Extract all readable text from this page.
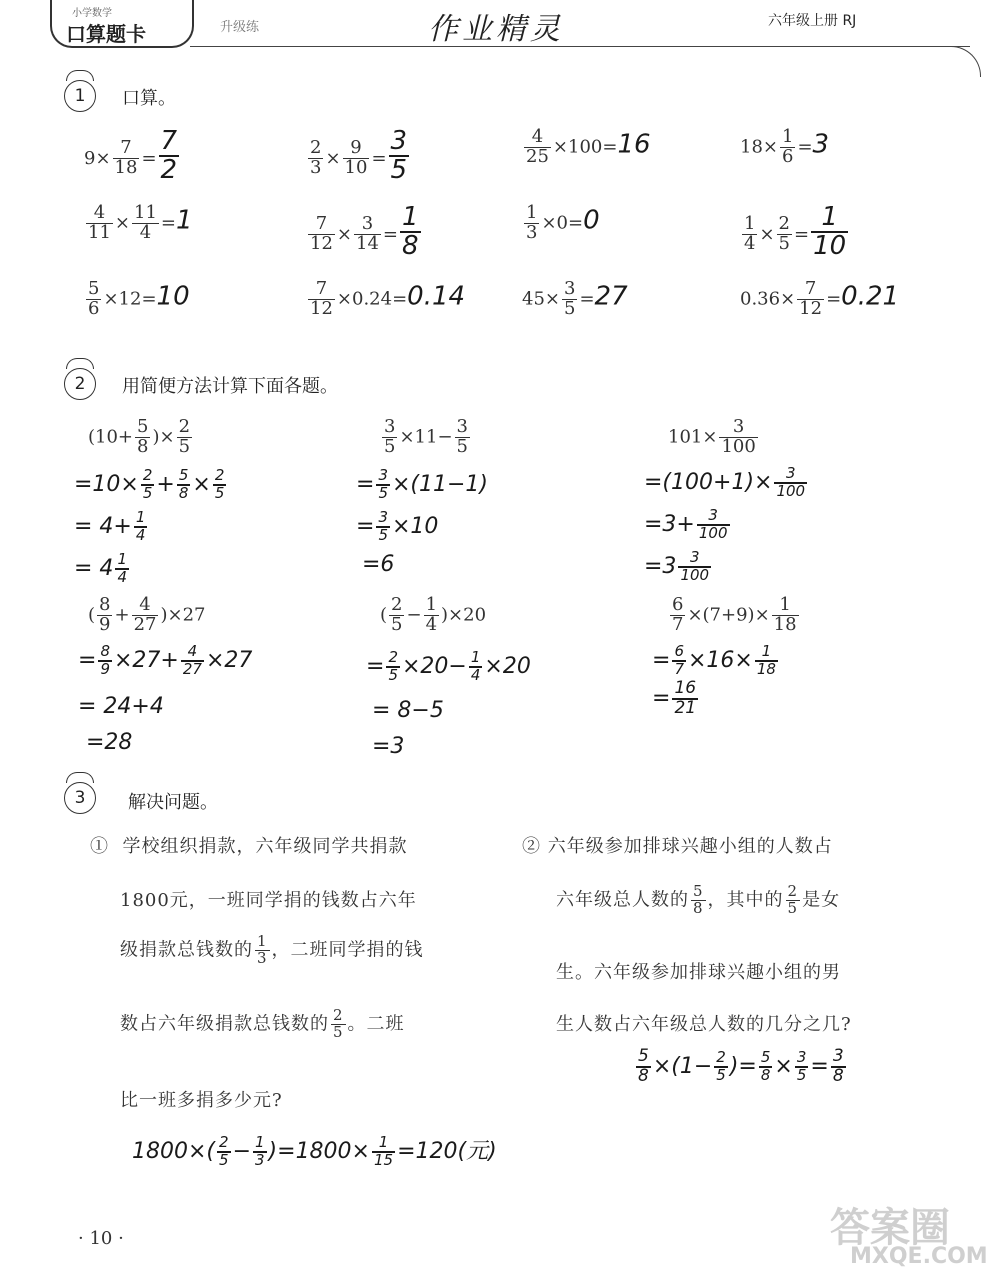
小学数学
口算题卡	升级练	作业精灵	六年级上册 RJ
1	口算。
$9\times \frac{7}{18} = \frac{7}{2}$	$\frac{2}{3} \times \frac{9}{10} = \frac{3}{5}$	$\frac{4}{25} \times 100=16$	$18\times \frac{1}{6} =3$
$\frac{4}{11} \times \frac{11}{4} =1$	$\frac{7}{12} \times \frac{3}{14} = \frac{1}{8}$	$\frac{1}{3} \times 0=0$	$\frac{1}{4} \times \frac{2}{5} = \frac{1}{10}$
$\frac{5}{6} \times 12=10$	$\frac{7}{12} \times 0.24=0.14$	$45\times \frac{3}{5} =27$	$0.36\times \frac{7}{12} =0.21$
2	用简便方法计算下面各题。
($10+ \frac{5}{8}$ )× $\frac{2}{5}$
$=10\times \frac{2}{5} + \frac{5}{8} \times \frac{2}{5}$
= $4+ \frac{1}{4}$
= $4 \frac{1}{4}$
$\frac{3}{5} \times 11- \frac{3}{5}$
= $\frac{3}{5} \times(11-1)$
= $\frac{3}{5} \times 10$
=6
$101\times \frac{3}{100}$
$=(100+1)\times \frac{3}{100}$
$=3+ \frac{3}{100}$
$=3 \frac{3}{100}$
( $\frac{8}{9} + \frac{4}{27} )\times 27$
= $\frac{8}{9} \times 27+ \frac{4}{27} \times 27$
= 24+4
=28
( $\frac{2}{5} - \frac{1}{4} )\times 20$
= $\frac{2}{5} \times 20- \frac{1}{4} \times 20$
= 8−5
=3
$\frac{6}{7} \times(7+9)\times \frac{1}{18}$
= $\frac{6}{7} \times 16\times \frac{1}{18}$
= $\frac{16}{21}$
3	解决问题。
① 学校组织捐款，六年级同学共捐款
1800元，一班同学捐的钱数占六年
级捐款总钱数的 $\frac{1}{3}$ ，二班同学捐的钱
数占六年级捐款总钱数的 $\frac{2}{5}$ 。二班
比一班多捐多少元?
$1800\times( \frac{2}{5} - \frac{1}{3} )=1800\times \frac{1}{15} =120$(元)
② 六年级参加排球兴趣小组的人数占
六年级总人数的 $\frac{5}{8}$ ，其中的 $\frac{2}{5}$ 是女
生。六年级参加排球兴趣小组的男
生人数占六年级总人数的几分之几?
$\frac{5}{8} \times(1- \frac{2}{5}$ )= $\frac{5}{8} \times \frac{3}{5} = \frac{3}{8}$
· 10 ·	答案圈
MXQE.COM
